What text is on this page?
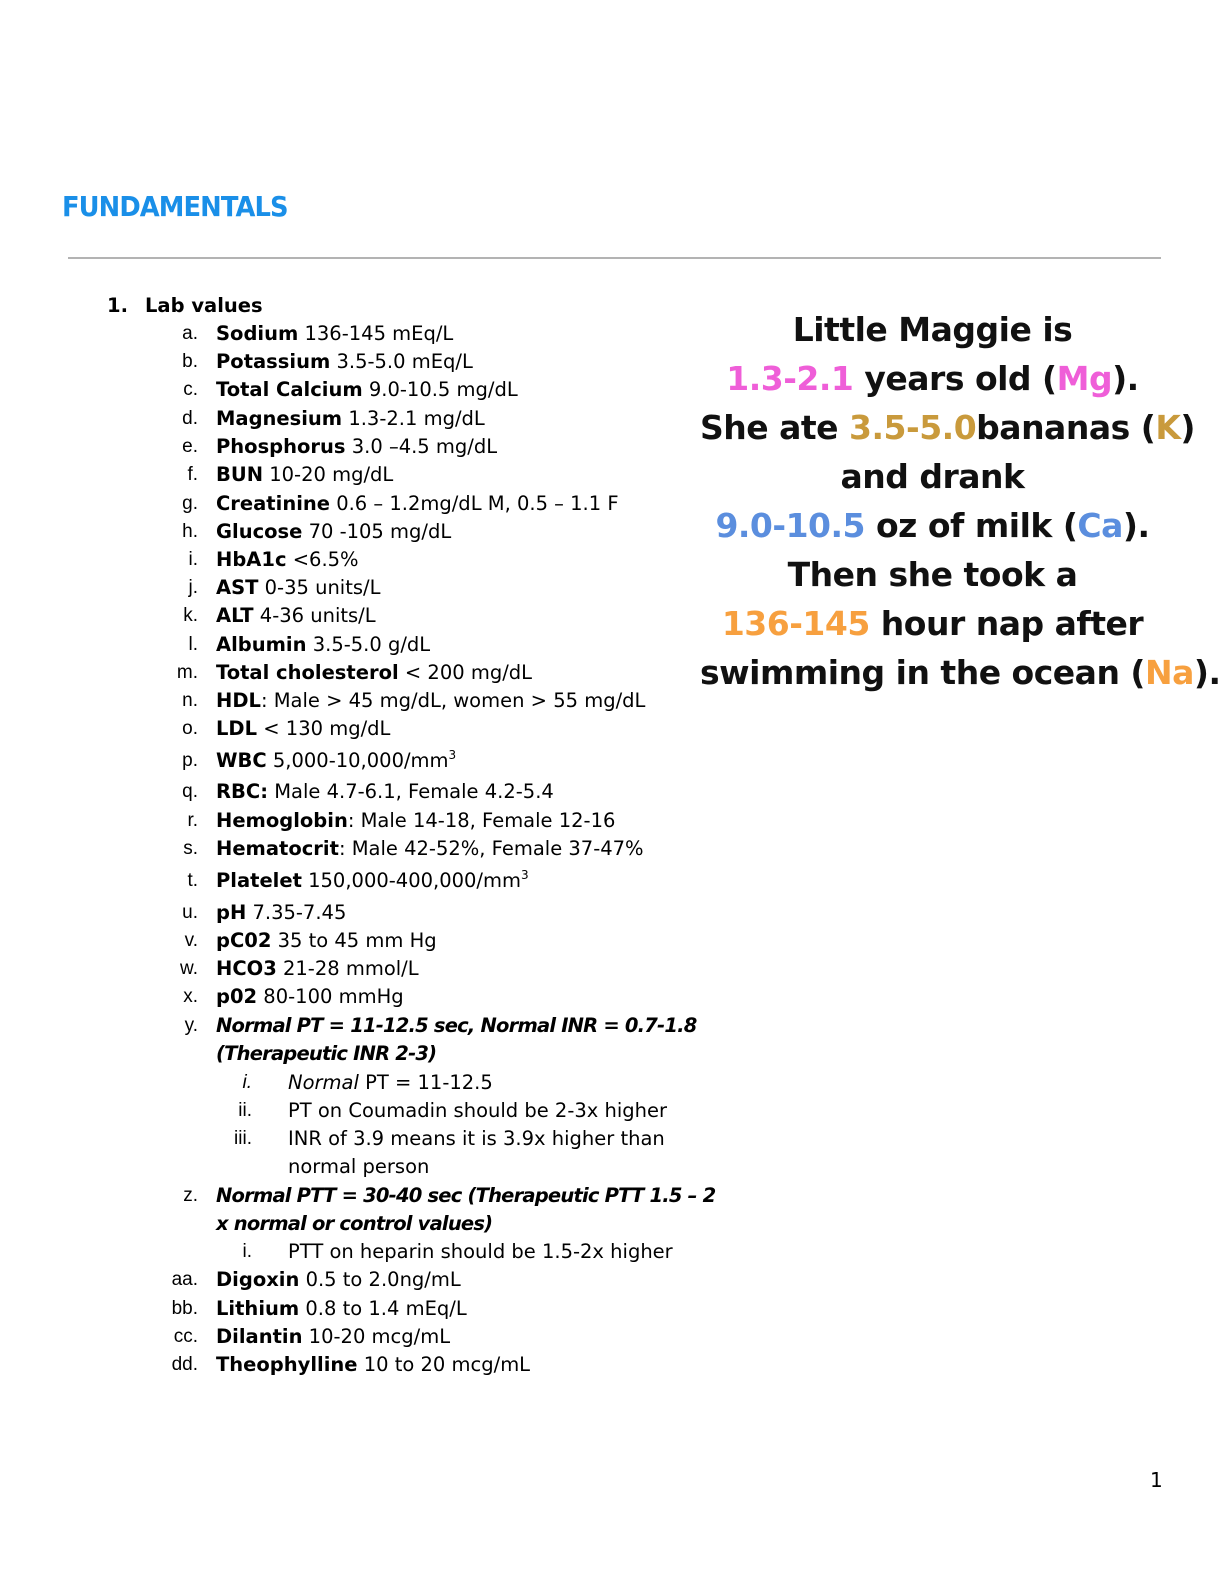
FUNDAMENTALS
1. Lab values
a. Sodium 136-145 mEq/L
b. Potassium 3.5-5.0 mEq/L
c. Total Calcium 9.0-10.5 mg/dL
d. Magnesium 1.3-2.1 mg/dL
e. Phosphorus 3.0 –4.5 mg/dL
f. BUN 10-20 mg/dL
g. Creatinine 0.6 – 1.2mg/dL M, 0.5 – 1.1 F
h. Glucose 70 -105 mg/dL
i. HbA1c <6.5%
j. AST 0-35 units/L
k. ALT 4-36 units/L
l. Albumin 3.5-5.0 g/dL
m. Total cholesterol < 200 mg/dL
n. HDL: Male > 45 mg/dL, women > 55 mg/dL
o. LDL < 130 mg/dL
p. WBC $5,000-10,000/mm^3$
q. RBC: Male 4.7-6.1, Female 4.2-5.4
r. Hemoglobin: Male 14-18, Female 12-16
s. Hematocrit: Male 42-52%, Female 37-47%
t. Platelet $150,000-400,000/mm^3$
u. pH 7.35-7.45
v. pC02 35 to 45 mm Hg
w. HCO3 21-28 mmol/L
x. p02 80-100 mmHg
y. Normal PT = 11-12.5 sec, Normal INR = 0.7-1.8
(Therapeutic INR 2-3)
i. Normal PT = 11-12.5
ii. PT on Coumadin should be 2-3x higher
iii. INR of 3.9 means it is 3.9x higher than
normal person
z. Normal PTT = 30-40 sec (Therapeutic PTT 1.5 – 2
x normal or control values)
i. PTT on heparin should be 1.5-2x higher
aa. Digoxin 0.5 to 2.0ng/mL
bb. Lithium 0.8 to 1.4 mEq/L
cc. Dilantin 10-20 mcg/mL
dd. Theophylline 10 to 20 mcg/mL
Little Maggie is
1.3-2.1 years old (Mg).
She ate 3.5-5.0bananas (K)
and drank
9.0-10.5 oz of milk (Ca).
Then she took a
136-145 hour nap after
swimming in the ocean (Na).
1
